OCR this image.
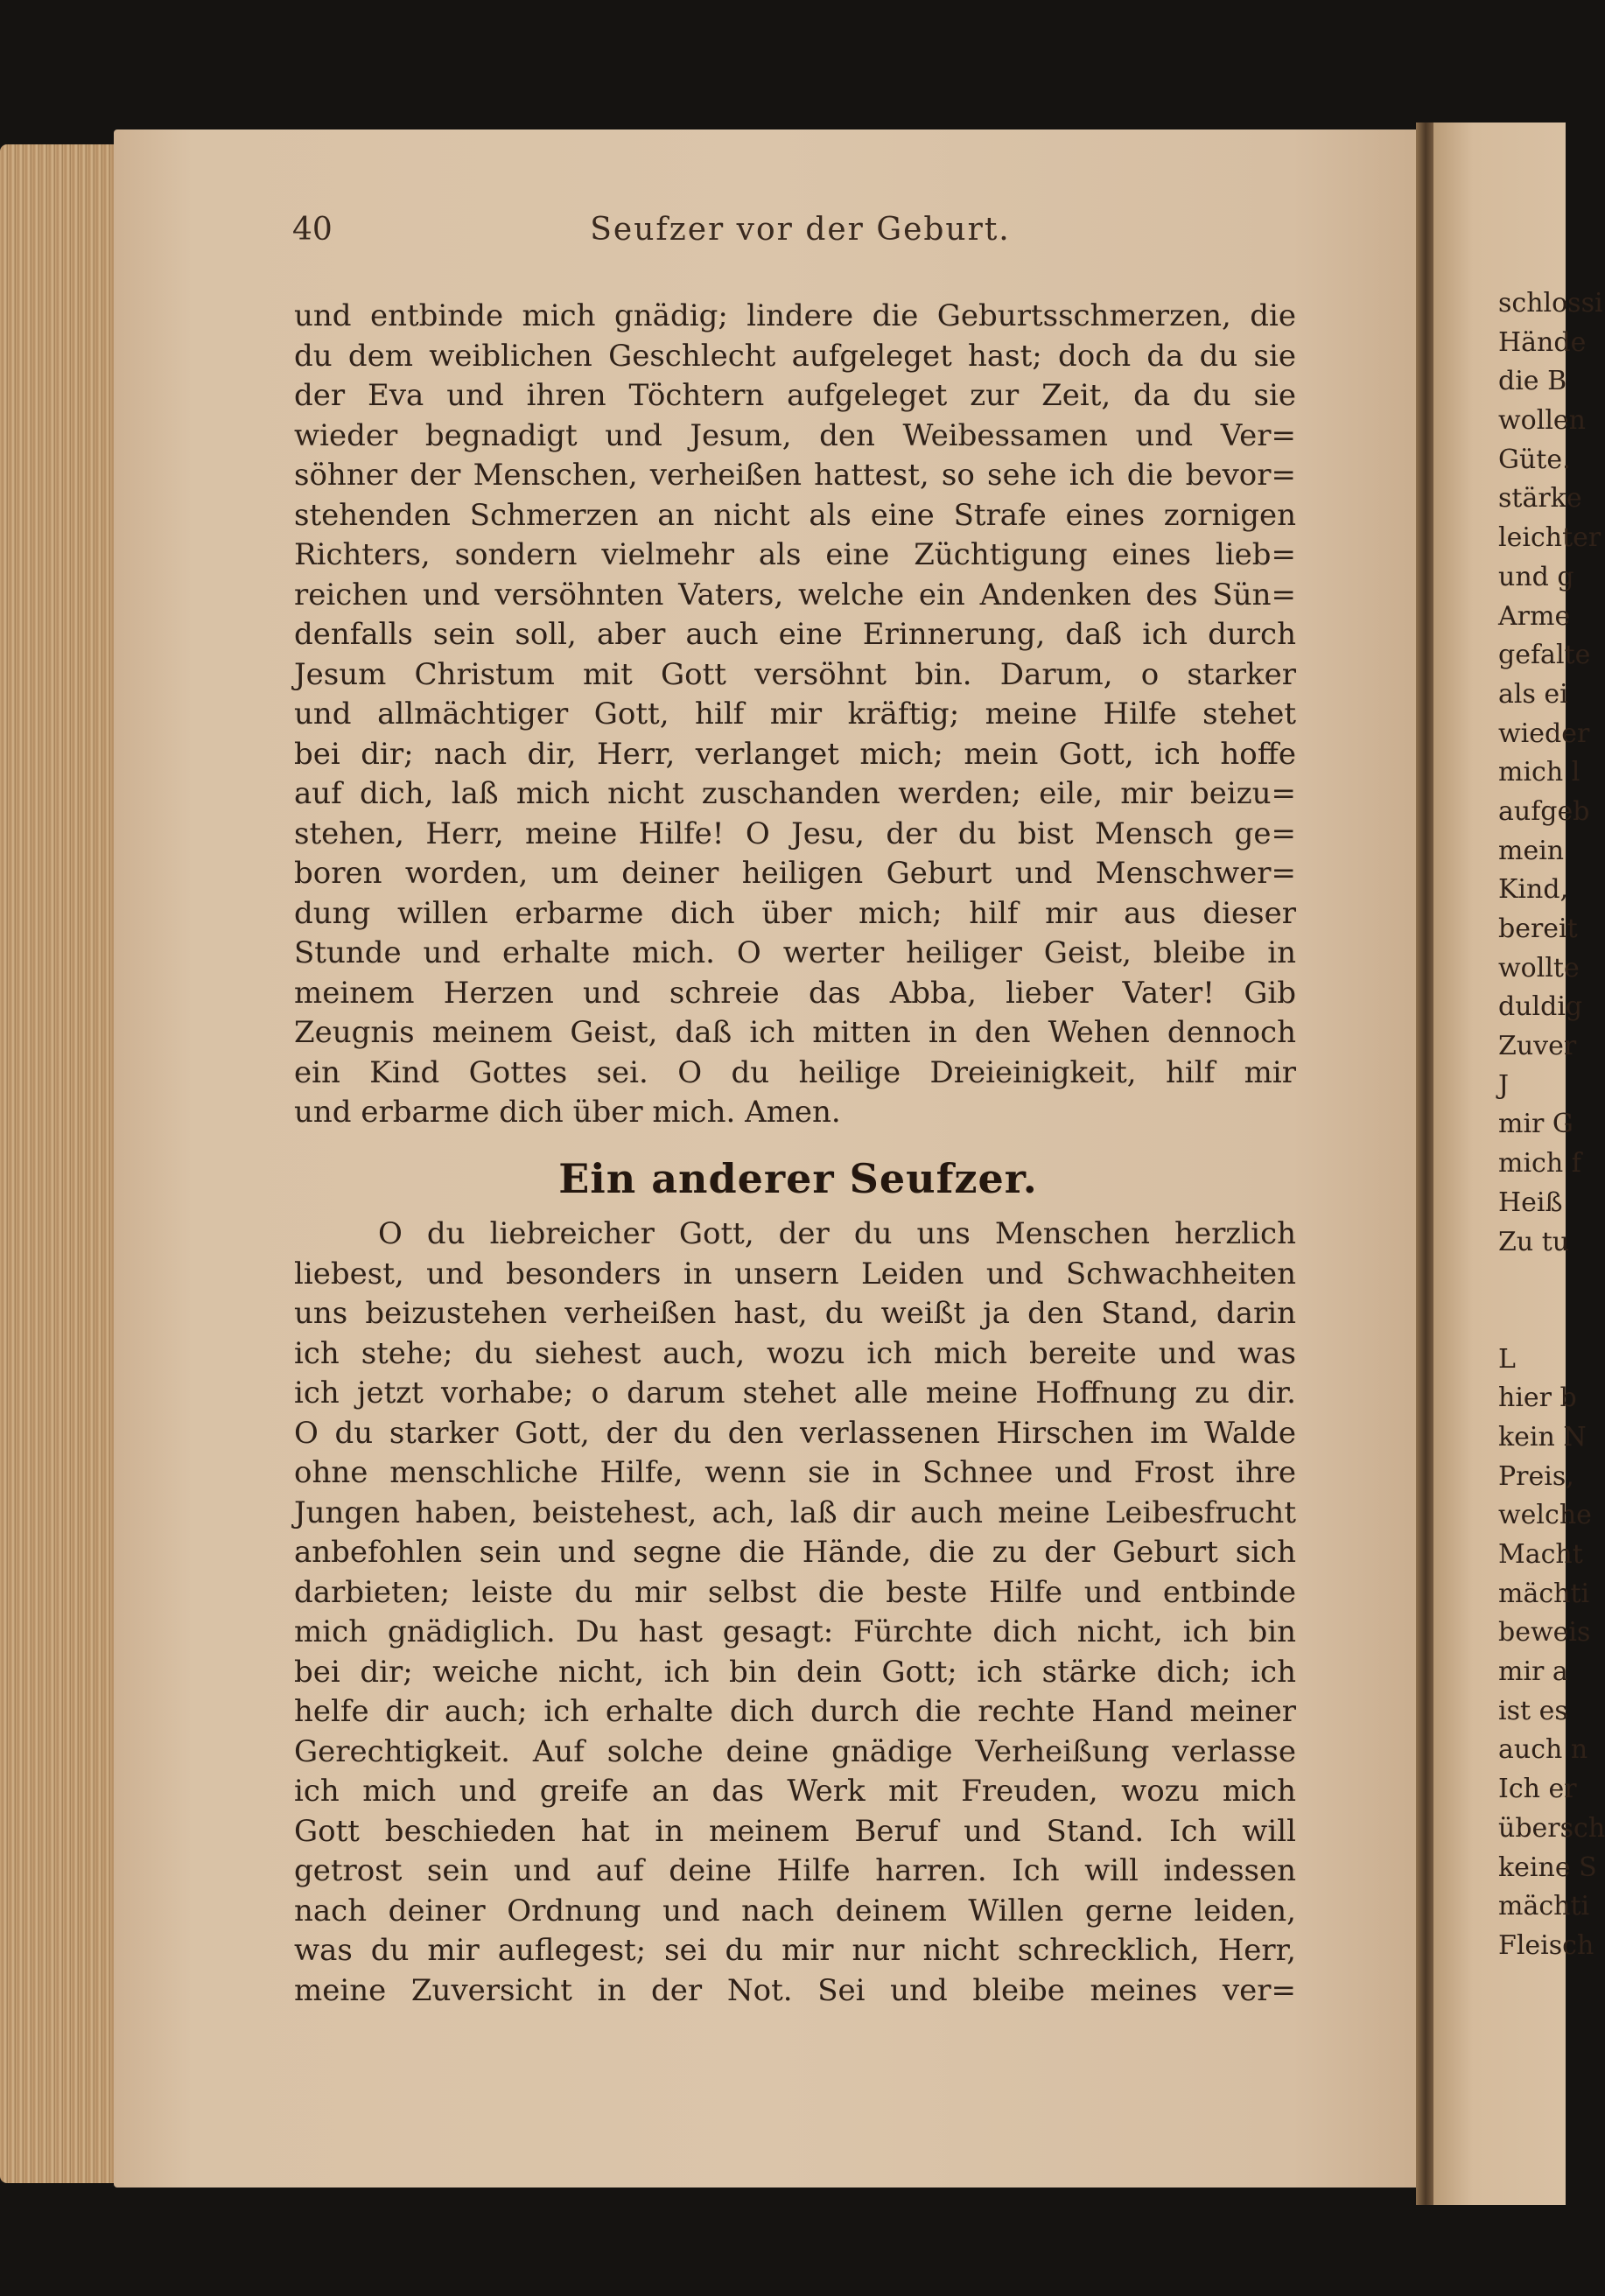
40	Seufzer vor der Geburt.
und entbinde mich gnädig; lindere die Geburtsschmerzen, die
du dem weiblichen Geschlecht aufgeleget hast; doch da du sie
der Eva und ihren Töchtern aufgeleget zur Zeit, da du sie
wieder begnadigt und Jesum, den Weibessamen und Ver=
söhner der Menschen, verheißen hattest, so sehe ich die bevor=
stehenden Schmerzen an nicht als eine Strafe eines zornigen
Richters, sondern vielmehr als eine Züchtigung eines lieb=
reichen und versöhnten Vaters, welche ein Andenken des Sün=
denfalls sein soll, aber auch eine Erinnerung, daß ich durch
Jesum Christum mit Gott versöhnt bin. Darum, o starker
und allmächtiger Gott, hilf mir kräftig; meine Hilfe stehet
bei dir; nach dir, Herr, verlanget mich; mein Gott, ich hoffe
auf dich, laß mich nicht zuschanden werden; eile, mir beizu=
stehen, Herr, meine Hilfe! O Jesu, der du bist Mensch ge=
boren worden, um deiner heiligen Geburt und Menschwer=
dung willen erbarme dich über mich; hilf mir aus dieser
Stunde und erhalte mich. O werter heiliger Geist, bleibe in
meinem Herzen und schreie das Abba, lieber Vater! Gib
Zeugnis meinem Geist, daß ich mitten in den Wehen dennoch
ein Kind Gottes sei. O du heilige Dreieinigkeit, hilf mir
und erbarme dich über mich. Amen.
Ein anderer Seufzer.
O du liebreicher Gott, der du uns Menschen herzlich
liebest, und besonders in unsern Leiden und Schwachheiten
uns beizustehen verheißen hast, du weißt ja den Stand, darin
ich stehe; du siehest auch, wozu ich mich bereite und was
ich jetzt vorhabe; o darum stehet alle meine Hoffnung zu dir.
O du starker Gott, der du den verlassenen Hirschen im Walde
ohne menschliche Hilfe, wenn sie in Schnee und Frost ihre
Jungen haben, beistehest, ach, laß dir auch meine Leibesfrucht
anbefohlen sein und segne die Hände, die zu der Geburt sich
darbieten; leiste du mir selbst die beste Hilfe und entbinde
mich gnädiglich. Du hast gesagt: Fürchte dich nicht, ich bin
bei dir; weiche nicht, ich bin dein Gott; ich stärke dich; ich
helfe dir auch; ich erhalte dich durch die rechte Hand meiner
Gerechtigkeit. Auf solche deine gnädige Verheißung verlasse
ich mich und greife an das Werk mit Freuden, wozu mich
Gott beschieden hat in meinem Beruf und Stand. Ich will
getrost sein und auf deine Hilfe harren. Ich will indessen
nach deiner Ordnung und nach deinem Willen gerne leiden,
was du mir auflegest; sei du mir nur nicht schrecklich, Herr,
meine Zuversicht in der Not. Sei und bleibe meines ver=
schlossi
Hände
die B
wollen
Güte.
stärke
leichter
und g
Arme
gefalte
als ei
wieder
mich l
aufgeb
mein
Kind,
bereit
wollte
duldig
Zuver
J
mir G
mich f
Heiß
Zu tu
L
hier b
kein N
Preis,
welche
Macht
mächti
beweis
mir a
ist es
auch n
Ich er
übersch
keine S
mächti
Fleisch
